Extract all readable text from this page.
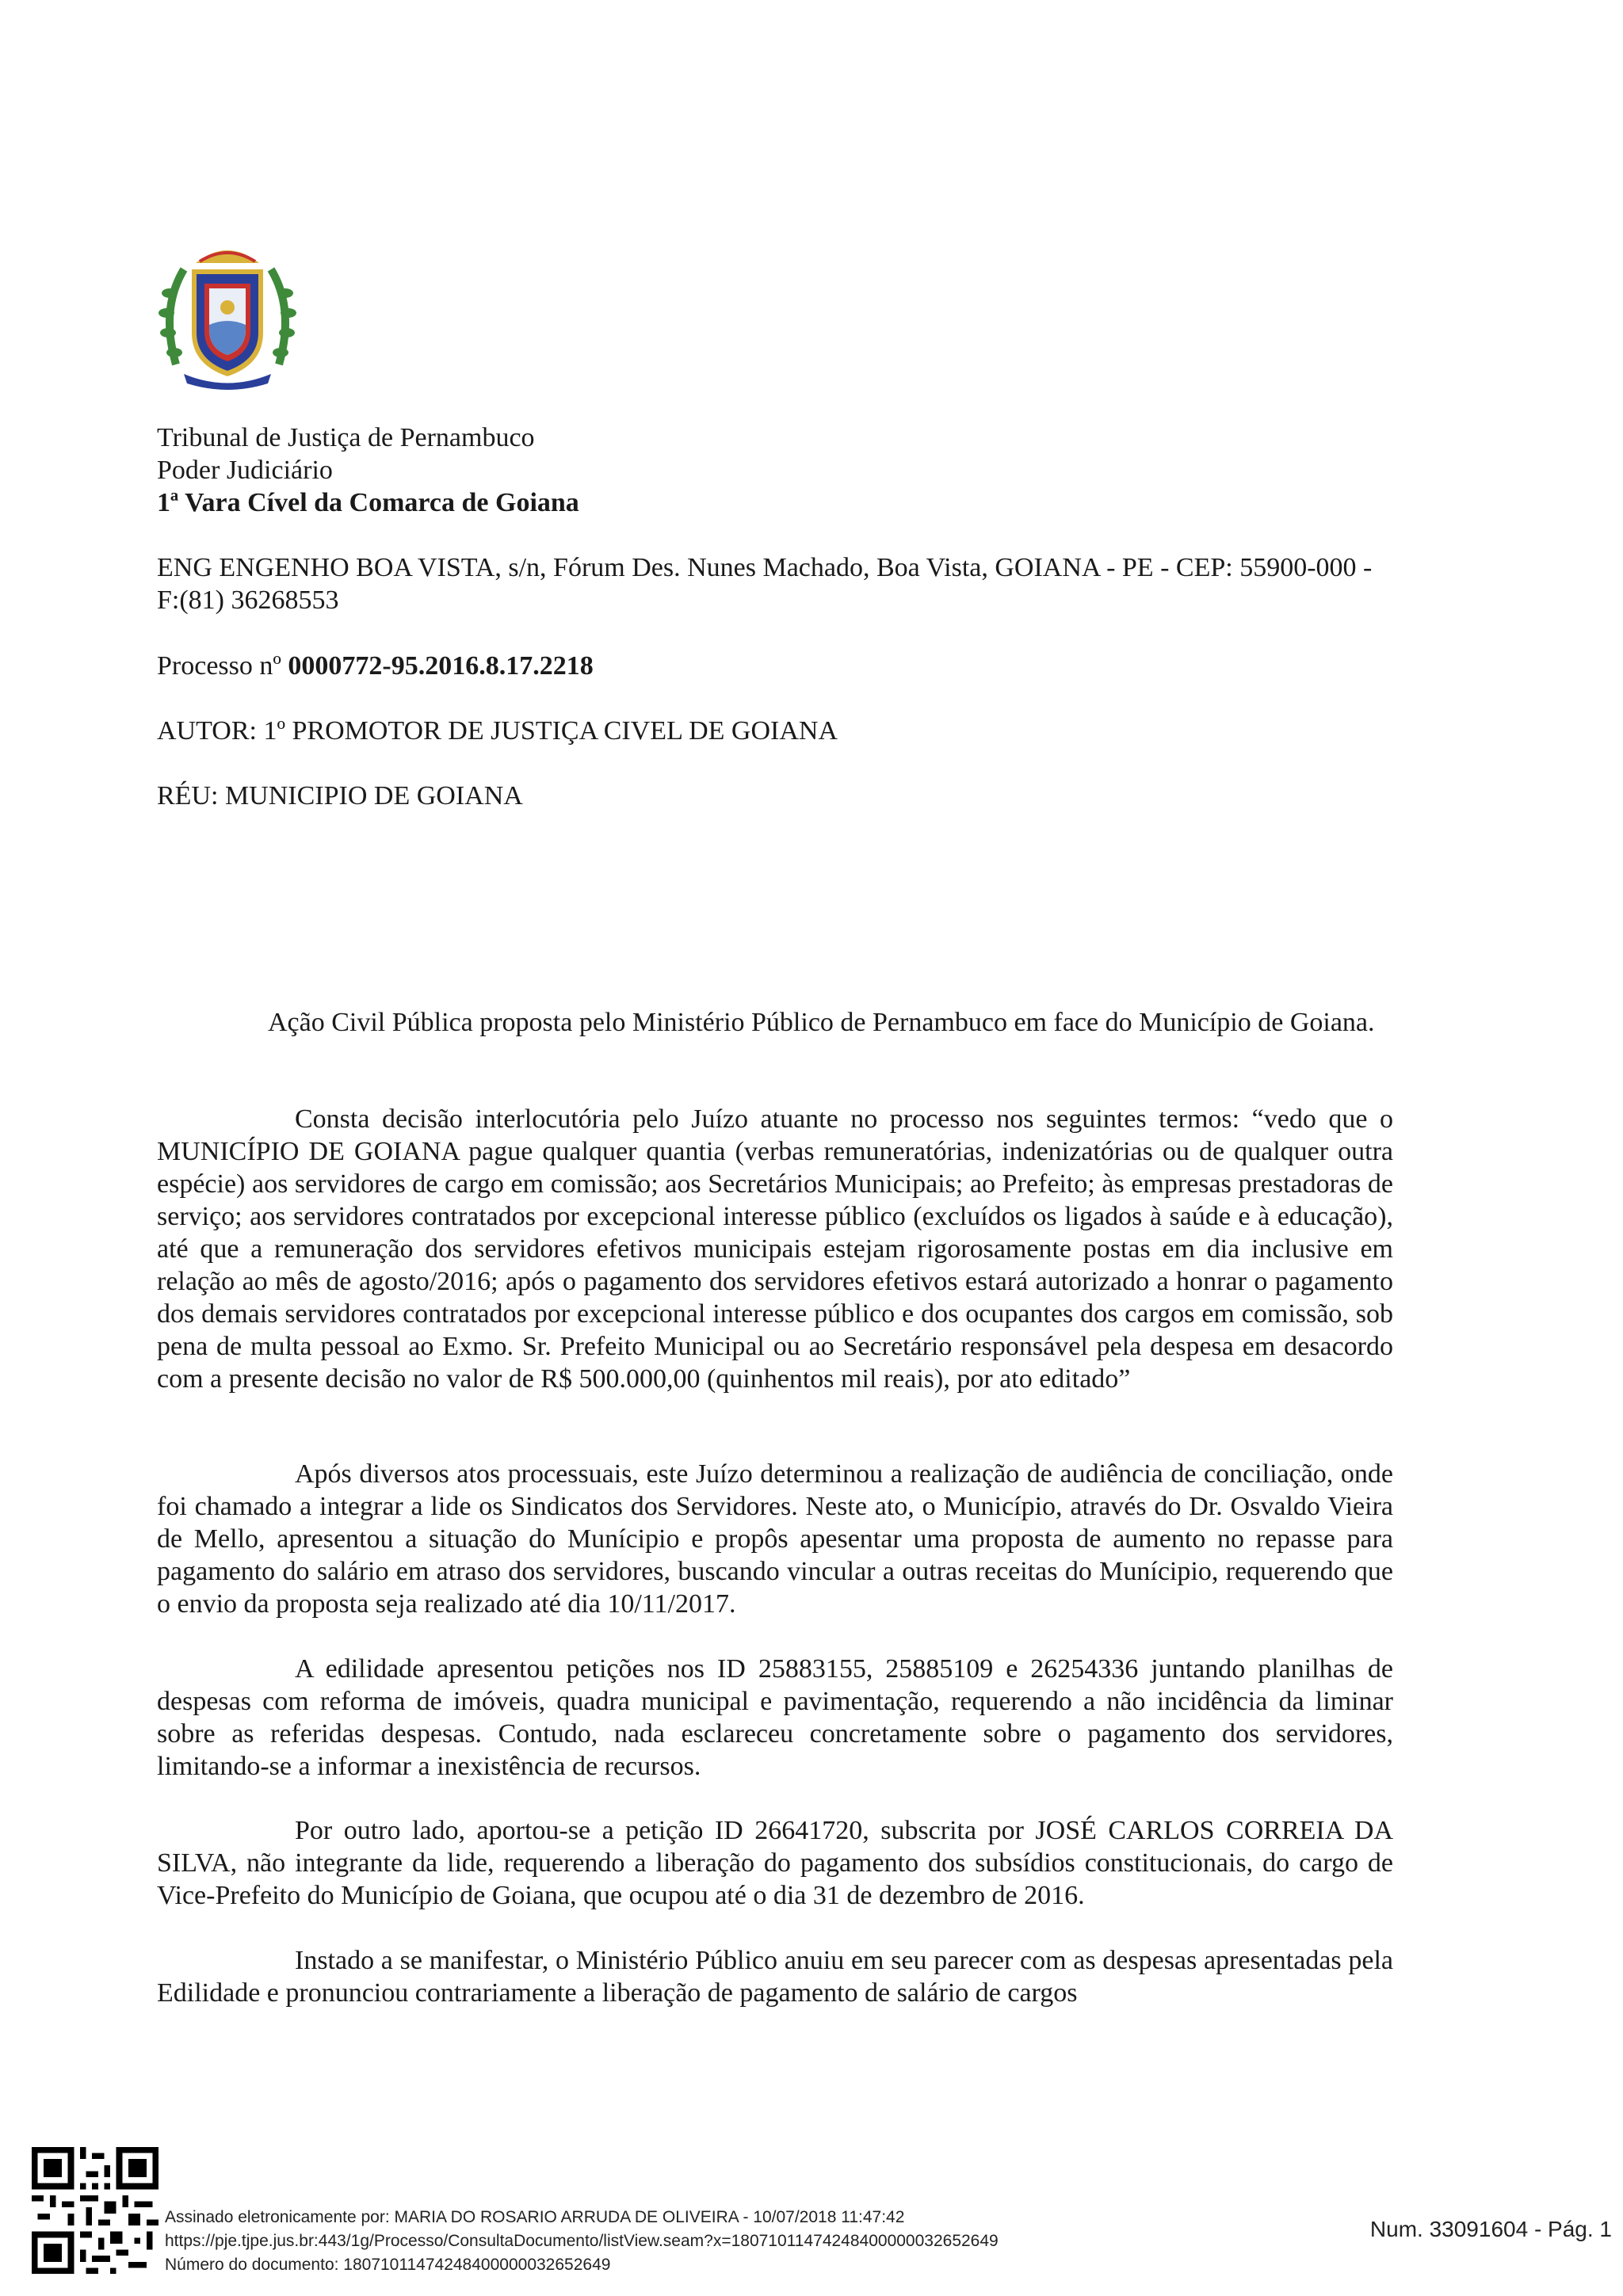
Tribunal de Justiça de Pernambuco
Poder Judiciário
1ª Vara Cível da Comarca de Goiana

ENG ENGENHO BOA VISTA, s/n, Fórum Des. Nunes Machado, Boa Vista, GOIANA - PE - CEP: 55900-000 - F:(81) 36268553

Processo nº 0000772-95.2016.8.17.2218

AUTOR: 1º PROMOTOR DE JUSTIÇA CIVEL DE GOIANA

RÉU: MUNICIPIO DE GOIANA

Ação Civil Pública proposta pelo Ministério Público de Pernambuco em face do Município de Goiana.

Consta decisão interlocutória pelo Juízo atuante no processo nos seguintes termos: “vedo que o MUNICÍPIO DE GOIANA pague qualquer quantia (verbas remuneratórias, indenizatórias ou de qualquer outra espécie) aos servidores de cargo em comissão; aos Secretários Municipais; ao Prefeito; às empresas prestadoras de serviço; aos servidores contratados por excepcional interesse público (excluídos os ligados à saúde e à educação), até que a remuneração dos servidores efetivos municipais estejam rigorosamente postas em dia inclusive em relação ao mês de agosto/2016; após o pagamento dos servidores efetivos estará autorizado a honrar o pagamento dos demais servidores contratados por excepcional interesse público e dos ocupantes dos cargos em comissão, sob pena de multa pessoal ao Exmo. Sr. Prefeito Municipal ou ao Secretário responsável pela despesa em desacordo com a presente decisão no valor de R$ 500.000,00 (quinhentos mil reais), por ato editado”

Após diversos atos processuais, este Juízo determinou a realização de audiência de conciliação, onde foi chamado a integrar a lide os Sindicatos dos Servidores. Neste ato, o Município, através do Dr. Osvaldo Vieira de Mello, apresentou a situação do Munícipio e propôs apesentar uma proposta de aumento no repasse para pagamento do salário em atraso dos servidores, buscando vincular a outras receitas do Munícipio, requerendo que o envio da proposta seja realizado até dia 10/11/2017.

A edilidade apresentou petições nos ID 25883155, 25885109 e 26254336 juntando planilhas de despesas com reforma de imóveis, quadra municipal e pavimentação, requerendo a não incidência da liminar sobre as referidas despesas. Contudo, nada esclareceu concretamente sobre o pagamento dos servidores, limitando-se a informar a inexistência de recursos.

Por outro lado, aportou-se a petição ID 26641720, subscrita por JOSÉ CARLOS CORREIA DA SILVA, não integrante da lide, requerendo a liberação do pagamento dos subsídios constitucionais, do cargo de Vice-Prefeito do Município de Goiana, que ocupou até o dia 31 de dezembro de 2016.

Instado a se manifestar, o Ministério Público anuiu em seu parecer com as despesas apresentadas pela Edilidade e pronunciou contrariamente a liberação de pagamento de salário de cargos

Assinado eletronicamente por: MARIA DO ROSARIO ARRUDA DE OLIVEIRA - 10/07/2018 11:47:42
https://pje.tjpe.jus.br:443/1g/Processo/ConsultaDocumento/listView.seam?x=18071011474248400000032652649
Número do documento: 18071011474248400000032652649
Num. 33091604 - Pág. 1
